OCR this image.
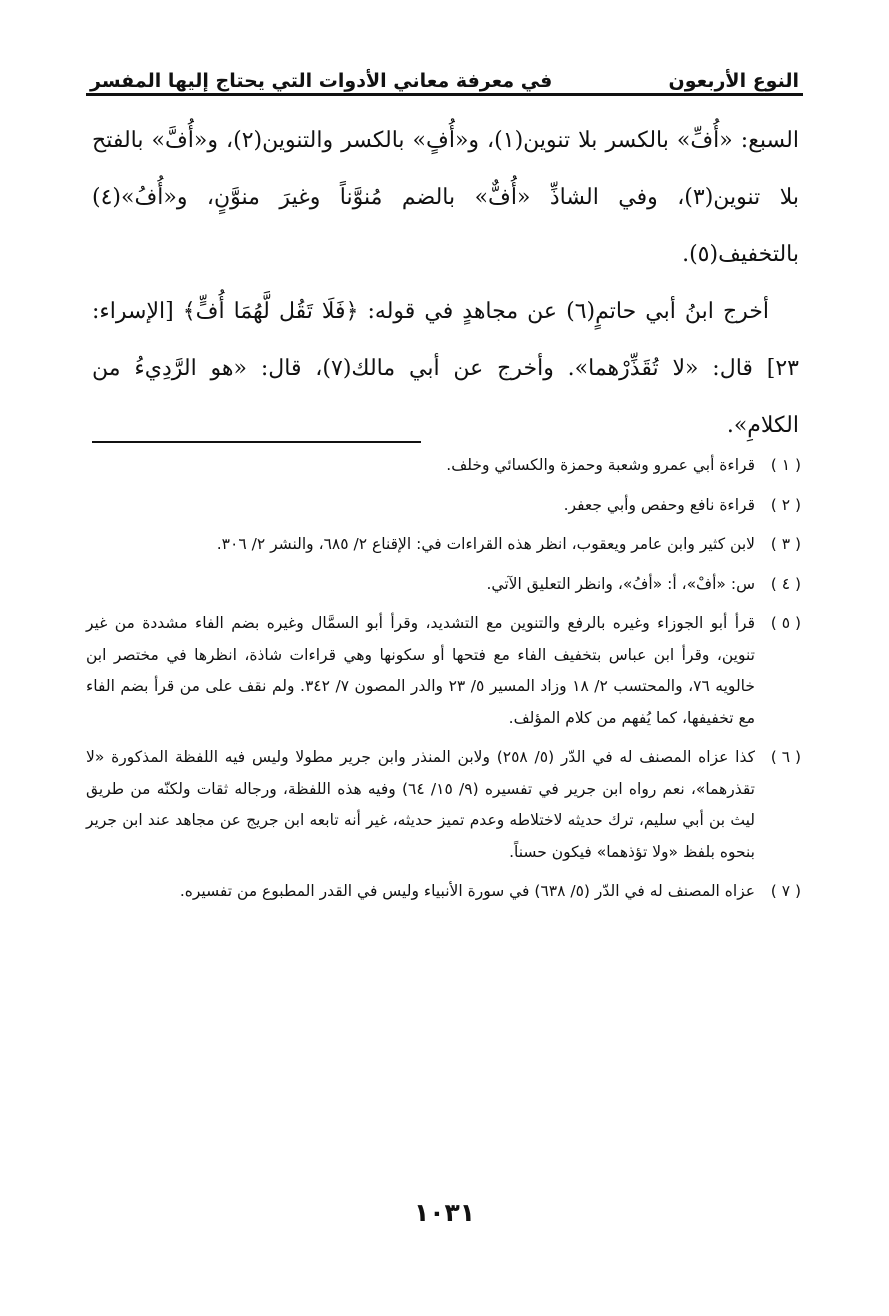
النوع الأربعون
في معرفة معاني الأدوات التي يحتاج إليها المفسر

السبع: «أُفِّ» بالكسر بلا تنوين(١)، و«أُفٍ» بالكسر والتنوين(٢)، و«أُفَّ» بالفتح بلا تنوين(٣)، وفي الشاذِّ «أُفٌّ» بالضم مُنوَّناً وغيرَ منوَّنٍ، و«أُفُ»(٤) بالتخفيف(٥).

أخرج ابنُ أبي حاتمٍ(٦) عن مجاهدٍ في قوله: ﴿فَلَا تَقُل لَّهُمَا أُفٍّ﴾ [الإسراء: ٢٣] قال: «لا تُقَذِّرْهما». وأخرج عن أبي مالك(٧)، قال: «هو الرَّدِيءُ من الكلامِ».

( ١ )
قراءة أبي عمرو وشعبة وحمزة والكسائي وخلف.
( ٢ )
قراءة نافع وحفص وأبي جعفر.
( ٣ )
لابن كثير وابن عامر ويعقوب، انظر هذه القراءات في: الإقناع ٢/ ٦٨٥، والنشر ٢/ ٣٠٦.
( ٤ )
س: «أفْ»، أ: «أفُ»، وانظر التعليق الآتي.
( ٥ )
قرأ أبو الجوزاء وغيره بالرفع والتنوين مع التشديد، وقرأ أبو السمَّال وغيره بضم الفاء مشددة من غير تنوين، وقرأ ابن عباس بتخفيف الفاء مع فتحها أو سكونها وهي قراءات شاذة، انظرها في مختصر ابن خالويه ٧٦، والمحتسب ٢/ ١٨ وزاد المسير ٥/ ٢٣ والدر المصون ٧/ ٣٤٢. ولم نقف على من قرأ بضم الفاء مع تخفيفها، كما يُفهم من كلام المؤلف.
( ٦ )
كذا عزاه المصنف له في الدّر (٥/ ٢٥٨) ولابن المنذر وابن جرير مطولا وليس فيه اللفظة المذكورة «لا تقذرهما»، نعم رواه ابن جرير في تفسيره (٩/ ١٥/ ٦٤) وفيه هذه اللفظة، ورجاله ثقات ولكنّه من طريق ليث بن أبي سليم، ترك حديثه لاختلاطه وعدم تميز حديثه، غير أنه تابعه ابن جريج عن مجاهد عند ابن جرير بنحوه بلفظ «ولا تؤذهما» فيكون حسناً.
( ٧ )
عزاه المصنف له في الدّر (٥/ ٦٣٨) في سورة الأنبياء وليس في القدر المطبوع من تفسيره.
١٠٣١
